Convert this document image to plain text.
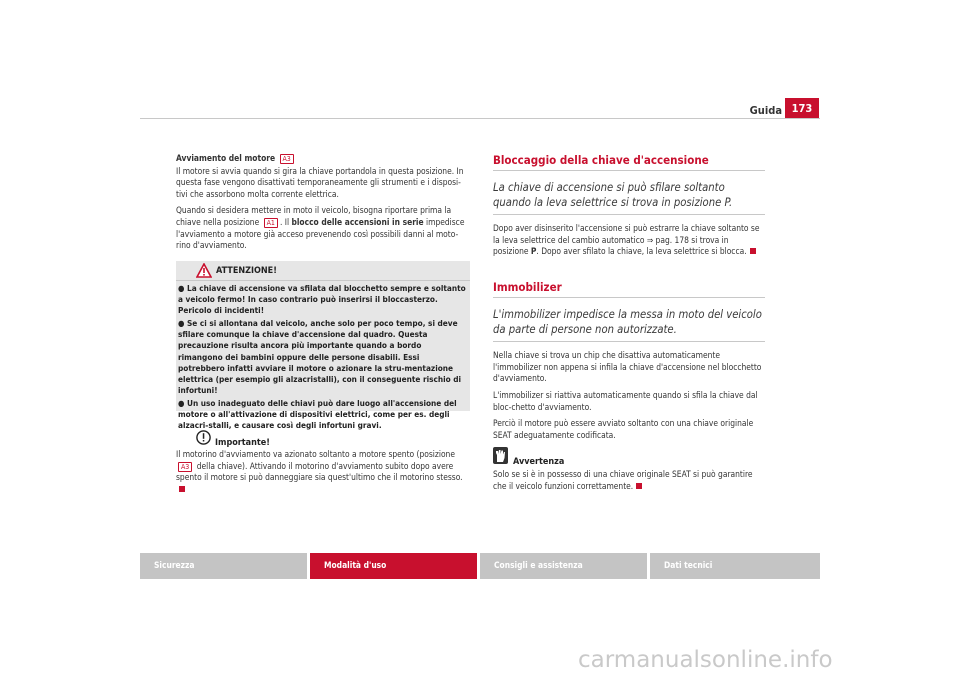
Guida 173

Avviamento del motore A3

Il motore si avvia quando si gira la chiave portandola in questa posizione. In questa fase vengono disattivati temporaneamente gli strumenti e i disposi-tivi che assorbono molta corrente elettrica.

Quando si desidera mettere in moto il veicolo, bisogna riportare prima la chiave nella posizione A1 . Il blocco delle accensioni in serie impedisce l'avviamento a motore già acceso prevenendo così possibili danni al moto-rino d'avviamento.

ATTENZIONE!

● La chiave di accensione va sfilata dal blocchetto sempre e soltanto a veicolo fermo! In caso contrario può inserirsi il bloccasterzo. Pericolo di incidenti!

● Se ci si allontana dal veicolo, anche solo per poco tempo, si deve sfilare comunque la chiave d'accensione dal quadro. Questa precauzione risulta ancora più importante quando a bordo rimangono dei bambini oppure delle persone disabili. Essi potrebbero infatti avviare il motore o azionare la stru-mentazione elettrica (per esempio gli alzacristalli), con il conseguente rischio di infortuni!

● Un uso inadeguato delle chiavi può dare luogo all'accensione del motore o all'attivazione di dispositivi elettrici, come per es. degli alzacri-stalli, e causare così degli infortuni gravi.

Importante!

Il motorino d'avviamento va azionato soltanto a motore spento (posizione A3 della chiave). Attivando il motorino d'avviamento subito dopo avere spento il motore si può danneggiare sia quest'ultimo che il motorino stesso.

Bloccaggio della chiave d'accensione

La chiave di accensione si può sfilare soltanto quando la leva selettrice si trova in posizione P.

Dopo aver disinserito l'accensione si può estrarre la chiave soltanto se la leva selettrice del cambio automatico ⇒ pag. 178 si trova in posizione P. Dopo aver sfilato la chiave, la leva selettrice si blocca.

Immobilizer

L'immobilizer impedisce la messa in moto del veicolo da parte di persone non autorizzate.

Nella chiave si trova un chip che disattiva automaticamente l'immobilizer non appena si infila la chiave d'accensione nel blocchetto d'avviamento.

L'immobilizer si riattiva automaticamente quando si sfila la chiave dal bloc-chetto d'avviamento.

Perciò il motore può essere avviato soltanto con una chiave originale SEAT adeguatamente codificata.

Avvertenza

Solo se si è in possesso di una chiave originale SEAT si può garantire che il veicolo funzioni correttamente.

Sicurezza	Modalità d'uso	Consigli e assistenza	Dati tecnici
carmanualsonline.info
